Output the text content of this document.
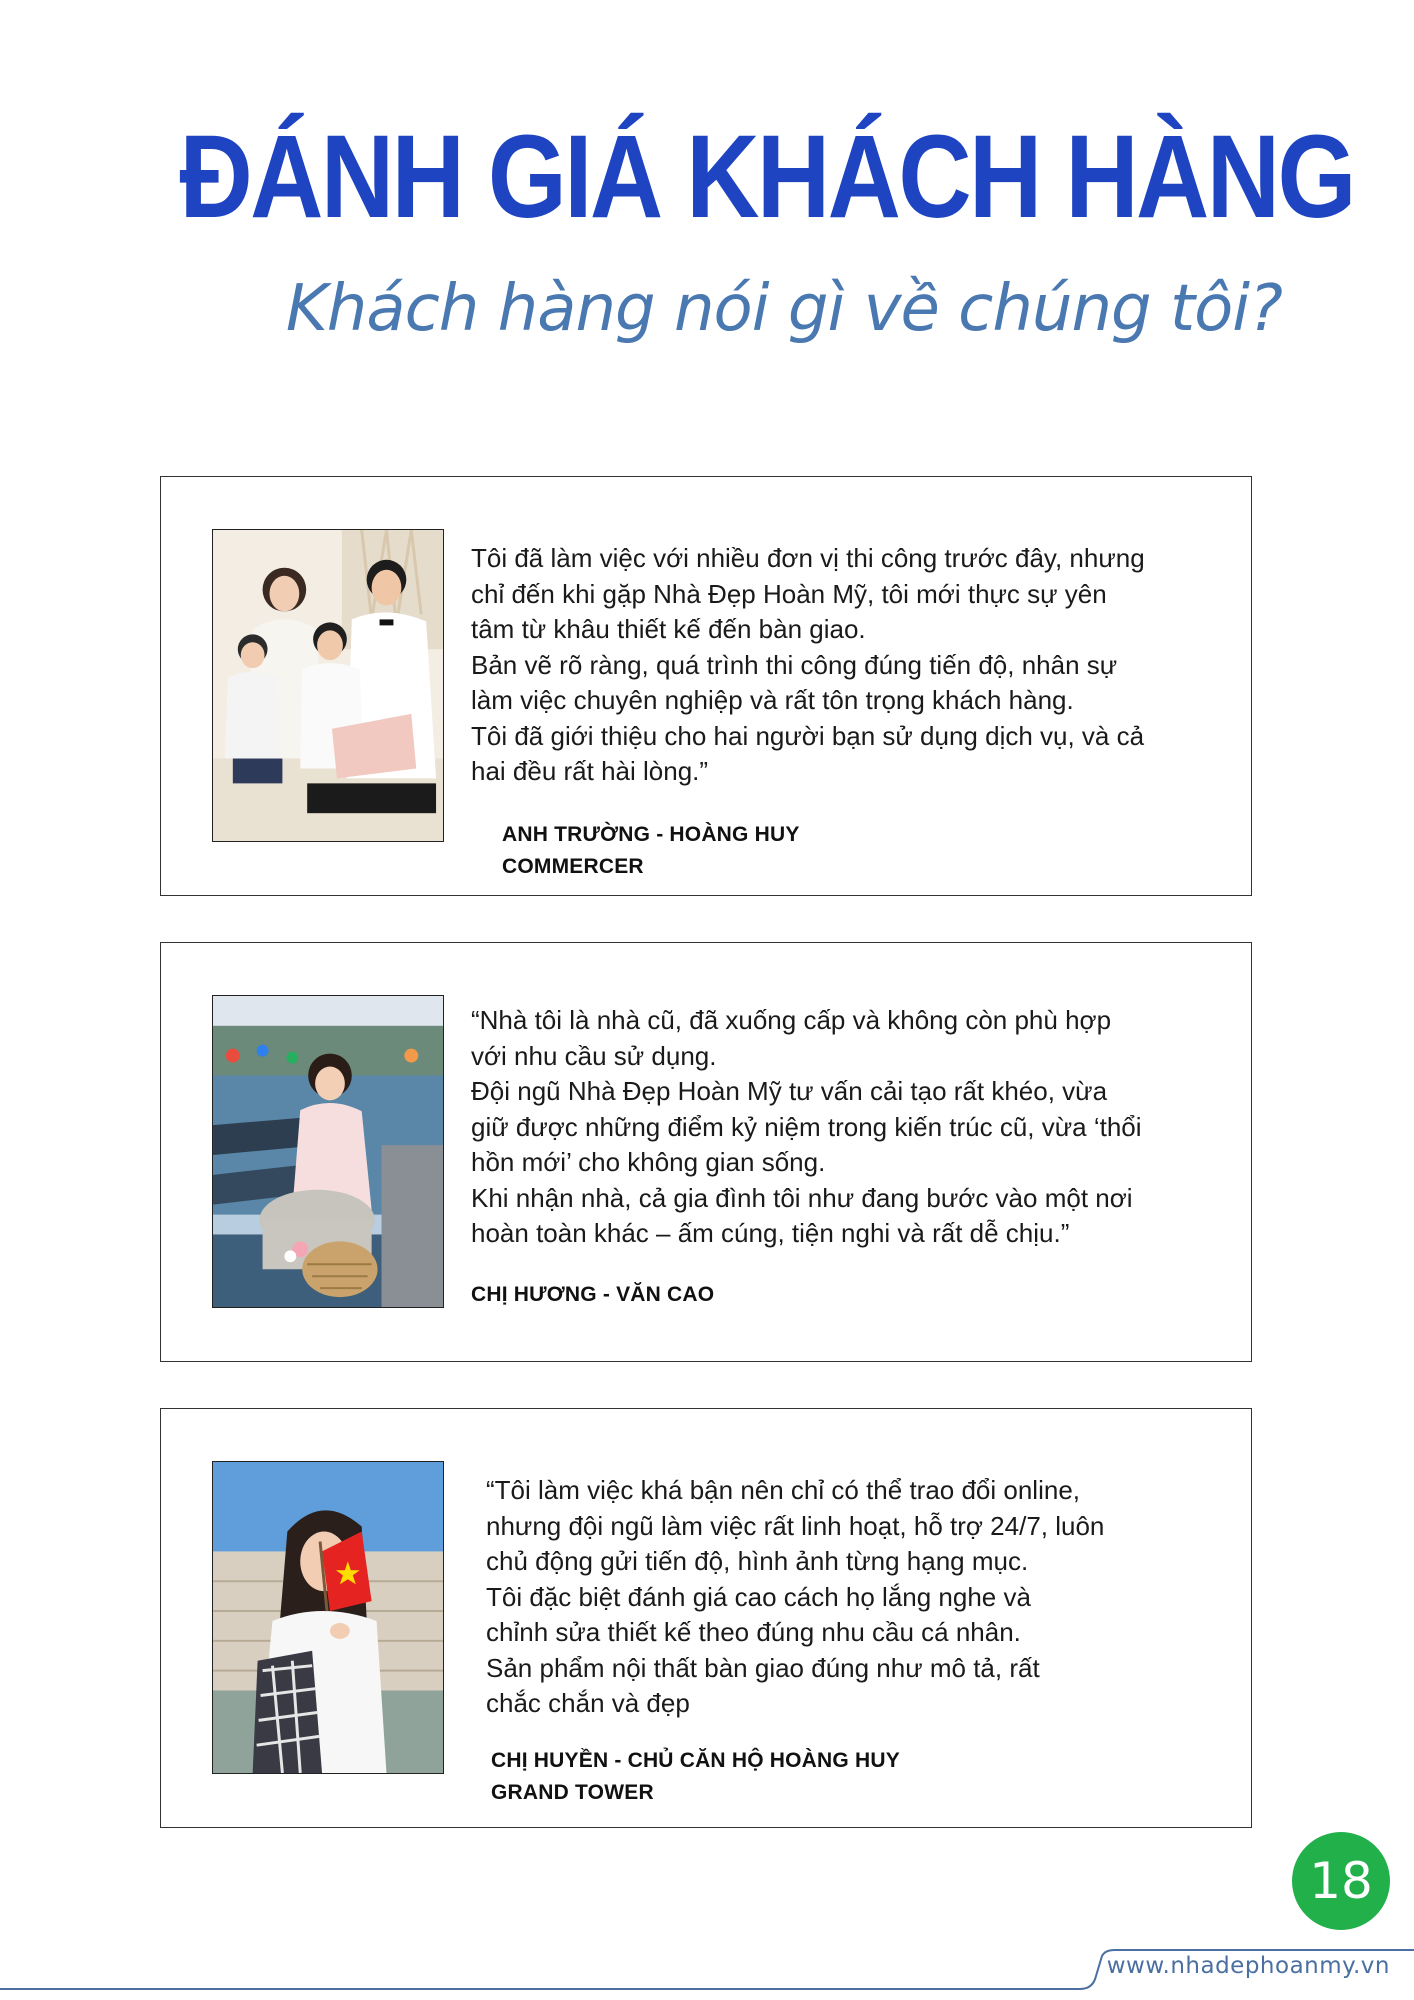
ĐÁNH GIÁ KHÁCH HÀNG
Khách hàng nói gì về chúng tôi?

Tôi đã làm việc với nhiều đơn vị thi công trước đây, nhưng
chỉ đến khi gặp Nhà Đẹp Hoàn Mỹ, tôi mới thực sự yên
tâm từ khâu thiết kế đến bàn giao.
Bản vẽ rõ ràng, quá trình thi công đúng tiến độ, nhân sự
làm việc chuyên nghiệp và rất tôn trọng khách hàng.
Tôi đã giới thiệu cho hai người bạn sử dụng dịch vụ, và cả
hai đều rất hài lòng.”

ANH TRƯỜNG - HOÀNG HUY
COMMERCER

“Nhà tôi là nhà cũ, đã xuống cấp và không còn phù hợp
với nhu cầu sử dụng.
Đội ngũ Nhà Đẹp Hoàn Mỹ tư vấn cải tạo rất khéo, vừa
giữ được những điểm kỷ niệm trong kiến trúc cũ, vừa ‘thổi
hồn mới’ cho không gian sống.
Khi nhận nhà, cả gia đình tôi như đang bước vào một nơi
hoàn toàn khác – ấm cúng, tiện nghi và rất dễ chịu.”

CHỊ HƯƠNG - VĂN CAO

“Tôi làm việc khá bận nên chỉ có thể trao đổi online,
nhưng đội ngũ làm việc rất linh hoạt, hỗ trợ 24/7, luôn
chủ động gửi tiến độ, hình ảnh từng hạng mục.
Tôi đặc biệt đánh giá cao cách họ lắng nghe và
chỉnh sửa thiết kế theo đúng nhu cầu cá nhân.
Sản phẩm nội thất bàn giao đúng như mô tả, rất
chắc chắn và đẹp

CHỊ HUYỀN - CHỦ CĂN HỘ HOÀNG HUY
GRAND TOWER
18
www.nhadephoanmy.vn
